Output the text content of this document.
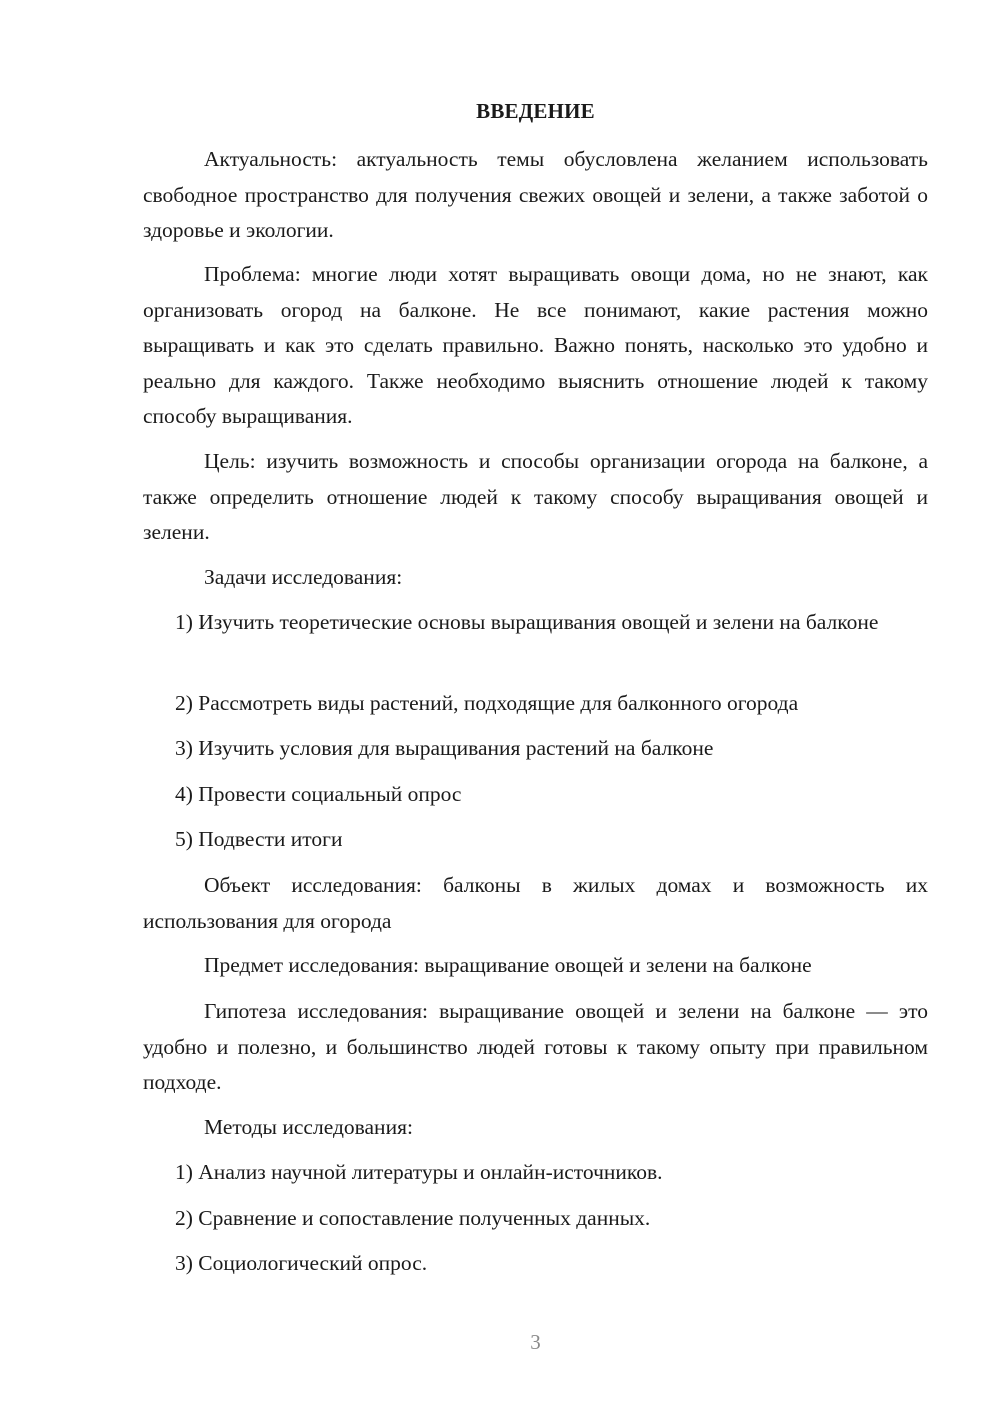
ВВЕДЕНИЕ

Актуальность: актуальность темы обусловлена желанием использовать свободное пространство для получения свежих овощей и зелени, а также заботой о здоровье и экологии.

Проблема: многие люди хотят выращивать овощи дома, но не знают, как организовать огород на балконе. Не все понимают, какие растения можно выращивать и как это сделать правильно. Важно понять, насколько это удобно и реально для каждого. Также необходимо выяснить отношение людей к такому способу выращивания.

Цель: изучить возможность и способы организации огорода на балконе, а также определить отношение людей к такому способу выращивания овощей и зелени.

Задачи исследования:

1) Изучить теоретические основы выращивания овощей и зелени на балконе

2) Рассмотреть виды растений, подходящие для балконного огорода

3) Изучить условия для выращивания растений на балконе

4) Провести социальный опрос

5) Подвести итоги

Объект исследования: балконы в жилых домах и возможность их использования для огорода

Предмет исследования: выращивание овощей и зелени на балконе

Гипотеза исследования: выращивание овощей и зелени на балконе — это удобно и полезно, и большинство людей готовы к такому опыту при правильном подходе.

Методы исследования:

1) Анализ научной литературы и онлайн-источников.

2) Сравнение и сопоставление полученных данных.

3) Социологический опрос.

3
